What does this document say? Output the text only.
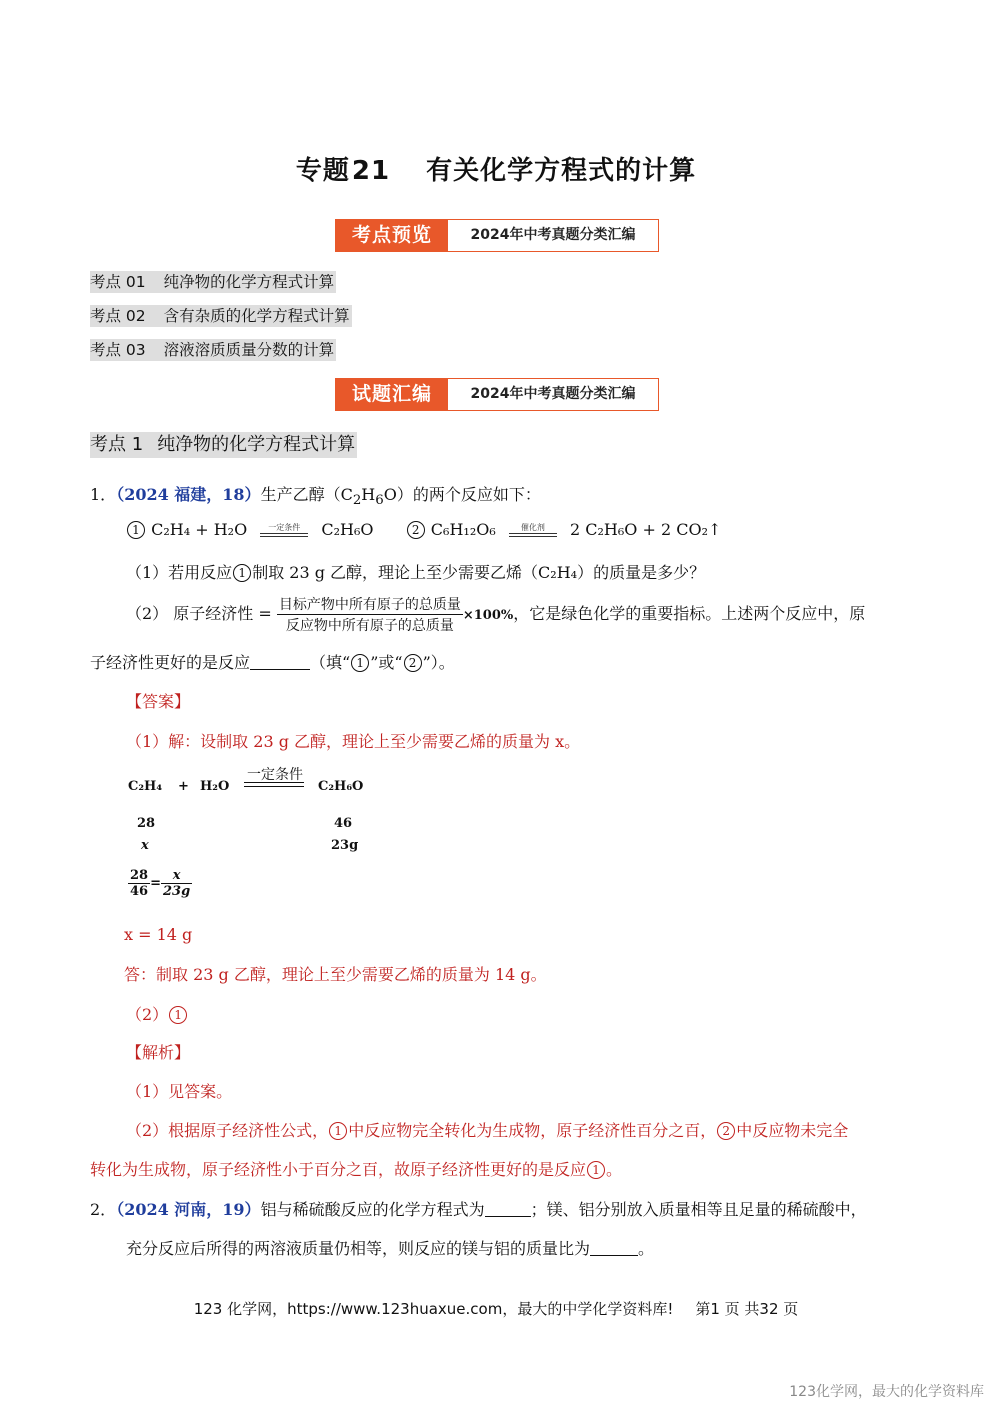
专题21 有关化学方程式的计算
考点预览	2024年中考真题分类汇编
考点 01 纯净物的化学方程式计算
考点 02 含有杂质的化学方程式计算
考点 03 溶液溶质质量分数的计算
试题汇编	2024年中考真题分类汇编
考点 1 纯净物的化学方程式计算
1．（2024 福建，18）生产乙醇$(C_2H_6O)$的两个反应如下：
1 C₂H₄ + H₂O	一定条件 C₂H₆O	2 C₆H₁₂O₆	催化剂 2 C₂H₆O + 2 CO₂↑
（1）若用反应 1 制取 23 g 乙醇，理论上至少需要乙烯（C₂H₄）的质量是多少？
（2） 原子经济性 = $\frac{\text{目标产物中所有原子的总质量}}{\text{反应物中所有原子的总质量}} \times 100\%$，它是绿色化学的重要指标。上述两个反应中，原
子经济性更好的是反应	（填“ 1 ”或“ 2 ”）。
【答案】
（1）解：设制取 23 g 乙醇，理论上至少需要乙烯的质量为 x。
C₂H₄ + H₂O
一定条件
C₂H₆O
28	46
x	23g
$\frac{28}{46} = \frac{x}{23g}$
x = 14 g
答：制取 23 g 乙醇，理论上至少需要乙烯的质量为 14 g。
（2） 1
【解析】
（1）见答案。
（2）根据原子经济性公式， 1 中反应物完全转化为生成物，原子经济性百分之百， 2 中反应物未完全
转化为生成物，原子经济性小于百分之百，故原子经济性更好的是反应 1 。
2．（2024 河南，19）铝与稀硫酸反应的化学方程式为	；镁、铝分别放入质量相等且足量的稀硫酸中，
充分反应后所得的两溶液质量仍相等，则反应的镁与铝的质量比为	。
123 化学网，https://www.123huaxue.com，最大的中学化学资料库! 第1 页 共32 页
123化学网，最大的化学资料库
